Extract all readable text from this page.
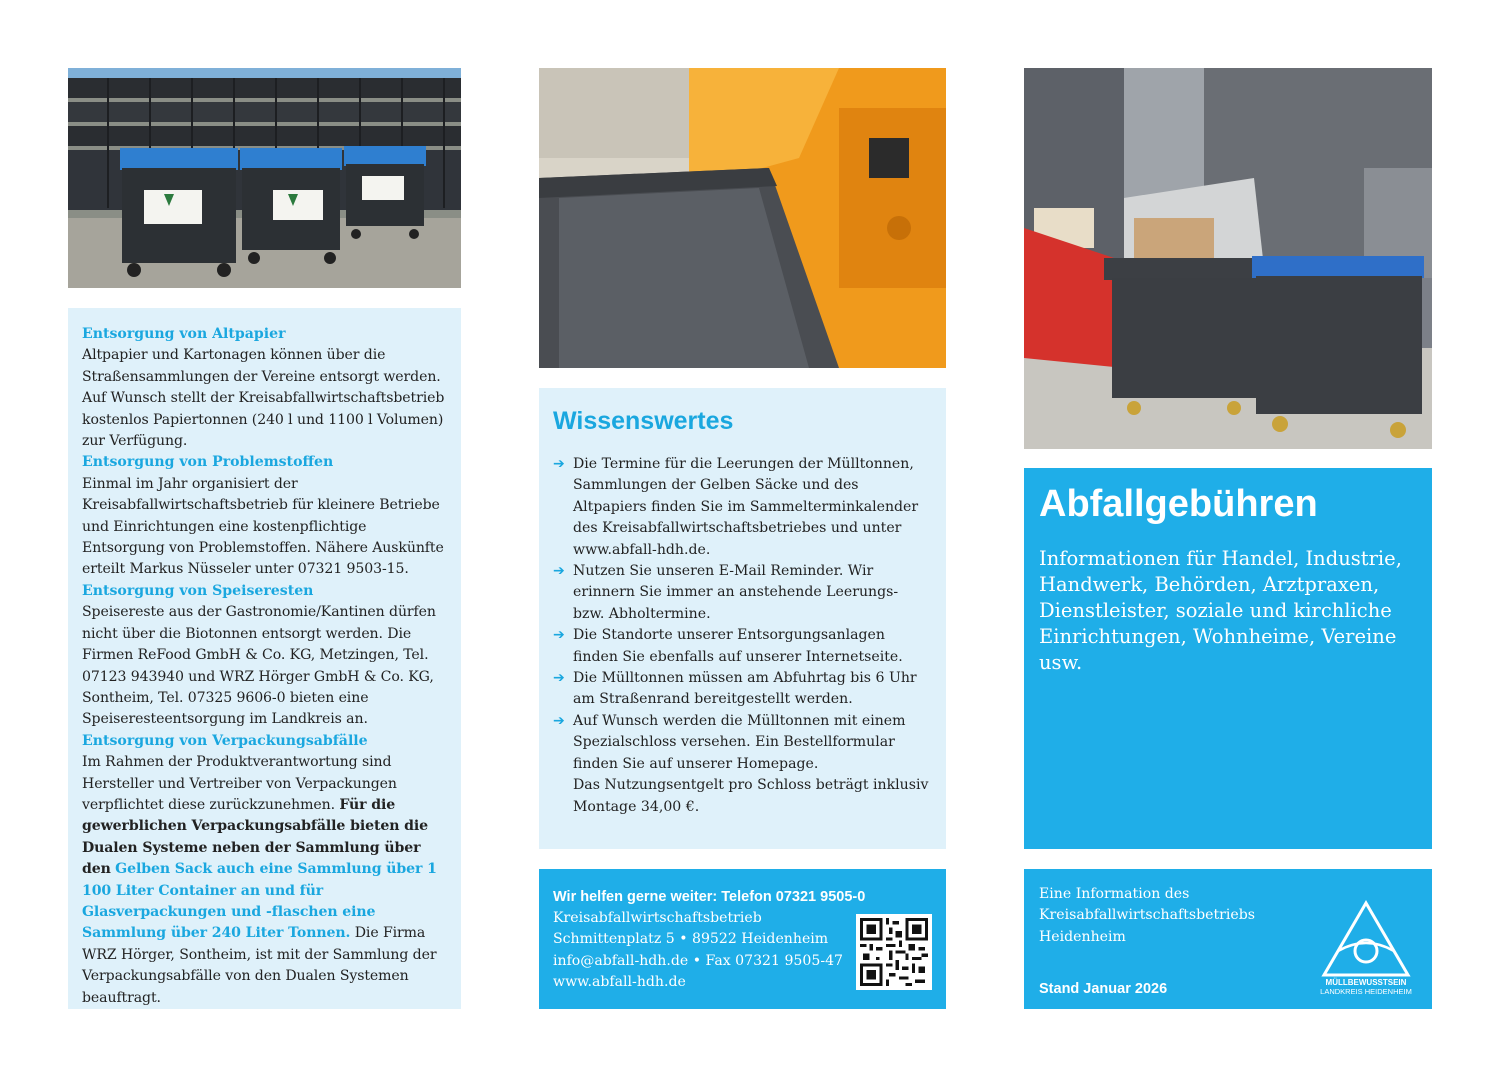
Entsorgung von Altpapier

Altpapier und Kartonagen können über die Straßensammlungen der Vereine entsorgt werden. Auf Wunsch stellt der Kreisabfallwirtschaftsbetrieb kostenlos Papiertonnen (240 l und 1100 l Volumen) zur Verfügung.

Entsorgung von Problemstoffen

Einmal im Jahr organisiert der Kreisabfallwirtschaftsbetrieb für kleinere Betriebe und Einrichtungen eine kostenpflichtige Entsorgung von Problemstoffen. Nähere Auskünfte erteilt Markus Nüsseler unter 07321 9503-15.

Entsorgung von Speiseresten

Speisereste aus der Gastronomie/Kantinen dürfen nicht über die Biotonnen entsorgt werden. Die Firmen ReFood GmbH & Co. KG, Metzingen, Tel. 07123 943940 und WRZ Hörger GmbH & Co. KG, Sontheim, Tel. 07325 9606-0 bieten eine Speiseresteentsorgung im Landkreis an.

Entsorgung von Verpackungsabfälle

Im Rahmen der Produktverantwortung sind Hersteller und Vertreiber von Verpackungen verpflichtet diese zurückzunehmen. Für die gewerblichen Verpackungsabfälle bieten die Dualen Systeme neben der Sammlung über den Gelben Sack auch eine Sammlung über 1 100 Liter Container an und für Glasverpackungen und -flaschen eine Sammlung über 240 Liter Tonnen. Die Firma WRZ Hörger, Sontheim, ist mit der Sammlung der Verpackungsabfälle von den Dualen Systemen beauftragt.

Wissenswertes
➔ Die Termine für die Leerungen der Mülltonnen, Sammlungen der Gelben Säcke und des Altpapiers finden Sie im Sammelterminkalender des Kreisabfallwirtschaftsbetriebes und unter www.abfall-hdh.de.
➔ Nutzen Sie unseren E-Mail Reminder. Wir erinnern Sie immer an anstehende Leerungs- bzw. Abholtermine.
➔ Die Standorte unserer Entsorgungsanlagen finden Sie ebenfalls auf unserer Internetseite.
➔ Die Mülltonnen müssen am Abfuhrtag bis 6 Uhr am Straßenrand bereitgestellt werden.
➔ Auf Wunsch werden die Mülltonnen mit einem Spezialschloss versehen. Ein Bestellformular finden Sie auf unserer Homepage.
Das Nutzungsentgelt pro Schloss beträgt inklusiv Montage 34,00 €.
Wir helfen gerne weiter: Telefon 07321 9505-0
Kreisabfallwirtschaftsbetrieb
Schmittenplatz 5 • 89522 Heidenheim
info@abfall-hdh.de • Fax 07321 9505-47
www.abfall-hdh.de
Abfallgebühren
Informationen für Handel, Industrie, Handwerk, Behörden, Arztpraxen, Dienstleister, soziale und kirchliche Einrichtungen, Wohnheime, Vereine usw.
Eine Information des Kreisabfallwirtschaftsbetriebs Heidenheim
Stand Januar 2026	MÜLLBEWUSSTSEIN
LANDKREIS HEIDENHEIM
